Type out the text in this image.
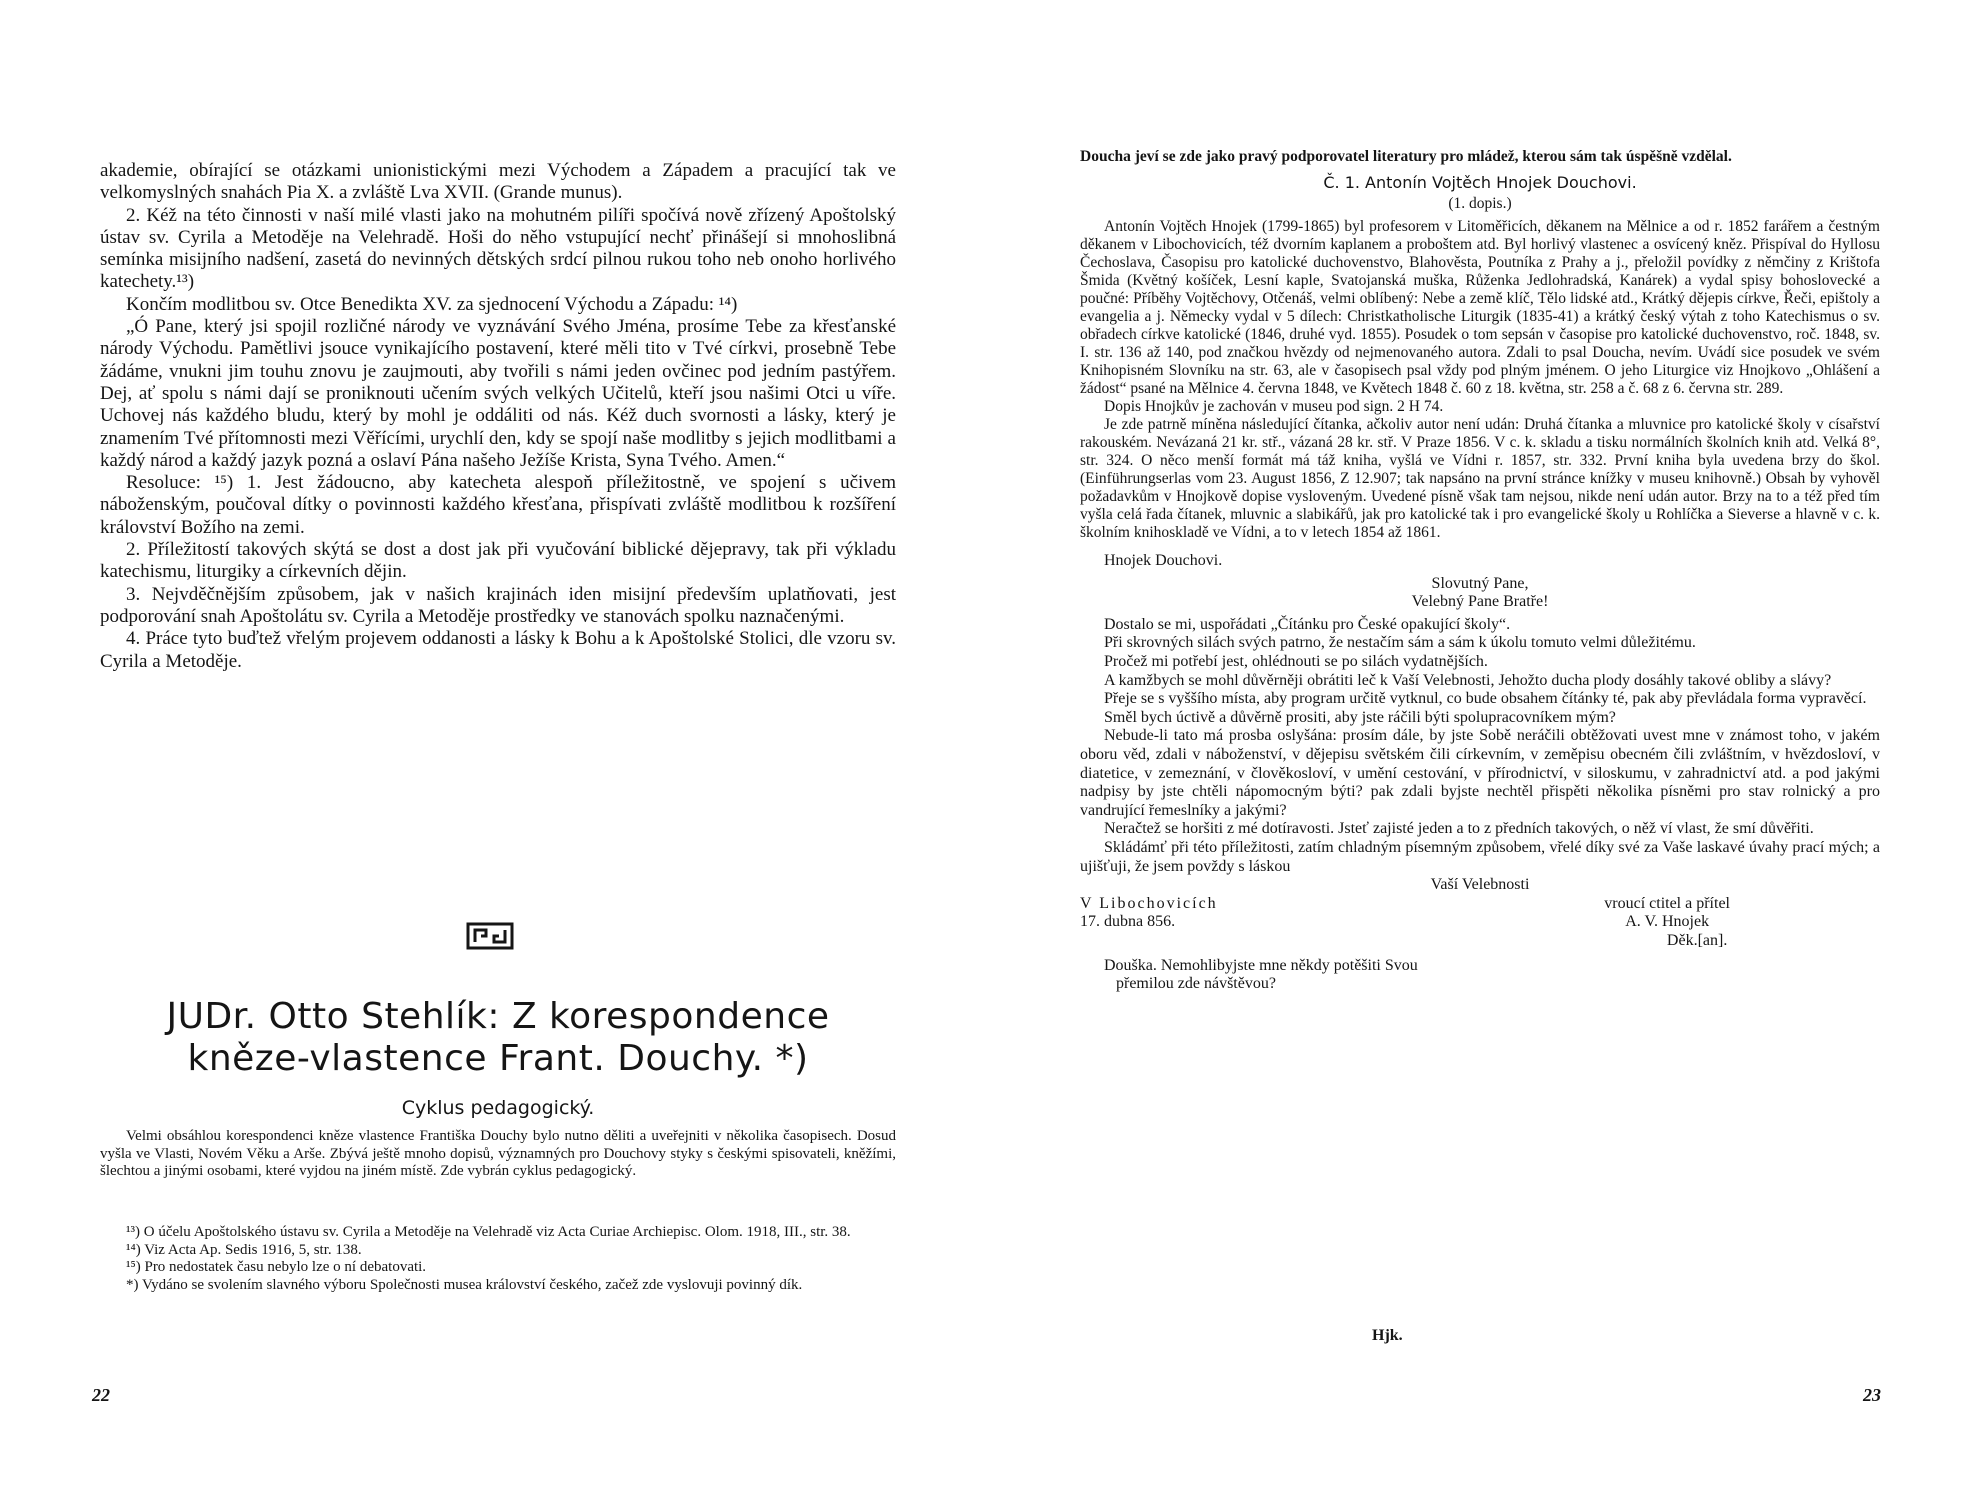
akademie, obírající se otázkami unionistickými mezi Východem a Západem a pracující tak ve velkomyslných snahách Pia X. a zvláště Lva XVII. (Grande munus).

2. Kéž na této činnosti v naší milé vlasti jako na mohutném pilíři spočívá nově zřízený Apoštolský ústav sv. Cyrila a Metoděje na Velehradě. Hoši do něho vstupující nechť přinášejí si mnohoslibná semínka misijního nadšení, zasetá do nevinných dětských srdcí pilnou rukou toho neb onoho horlivého katechety.¹³)

Končím modlitbou sv. Otce Benedikta XV. za sjednocení Východu a Západu: ¹⁴)

„Ó Pane, který jsi spojil rozličné národy ve vyznávání Svého Jména, prosíme Tebe za křesťanské národy Východu. Pamětlivi jsouce vynikajícího postavení, které měli tito v Tvé církvi, prosebně Tebe žádáme, vnukni jim touhu znovu je zaujmouti, aby tvořili s námi jeden ovčinec pod jedním pastýřem. Dej, ať spolu s námi dají se proniknouti učením svých velkých Učitelů, kteří jsou našimi Otci u víře. Uchovej nás každého bludu, který by mohl je oddáliti od nás. Kéž duch svornosti a lásky, který je znamením Tvé přítomnosti mezi Věřícími, urychlí den, kdy se spojí naše modlitby s jejich modlitbami a každý národ a každý jazyk pozná a oslaví Pána našeho Ježíše Krista, Syna Tvého. Amen.“

Resoluce: ¹⁵) 1. Jest žádoucno, aby katecheta alespoň příležitostně, ve spojení s učivem náboženským, poučoval dítky o povinnosti každého křesťana, přispívati zvláště modlitbou k rozšíření království Božího na zemi.

2. Příležitostí takových skýtá se dost a dost jak při vyučování biblické dějepravy, tak při výkladu katechismu, liturgiky a církevních dějin.

3. Nejvděčnějším způsobem, jak v našich krajinách iden misijní především uplatňovati, jest podporování snah Apoštolátu sv. Cyrila a Metoděje prostředky ve stanovách spolku naznačenými.

4. Práce tyto buďtež vřelým projevem oddanosti a lásky k Bohu a k Apoštolské Stolici, dle vzoru sv. Cyrila a Metoděje.

JUDr. Otto Stehlík: Z korespondence
kněze-vlastence Frant. Douchy. *)
Cyklus pedagogický.

Velmi obsáhlou korespondenci kněze vlastence Františka Douchy bylo nutno děliti a uveřejniti v několika časopisech. Dosud vyšla ve Vlasti, Novém Věku a Arše. Zbývá ještě mnoho dopisů, významných pro Douchovy styky s českými spisovateli, kněžími, šlechtou a jinými osobami, které vyjdou na jiném místě. Zde vybrán cyklus pedagogický.

¹³) O účelu Apoštolského ústavu sv. Cyrila a Metoděje na Velehradě viz Acta Curiae Archiepisc. Olom. 1918, III., str. 38.

¹⁴) Viz Acta Ap. Sedis 1916, 5, str. 138.

¹⁵) Pro nedostatek času nebylo lze o ní debatovati.

*) Vydáno se svolením slavného výboru Společnosti musea království českého, začež zde vyslovuji povinný dík.

22

Doucha jeví se zde jako pravý podporovatel literatury pro mládež, kterou sám tak úspěšně vzdělal.

Č. 1. Antonín Vojtěch Hnojek Douchovi.

(1. dopis.)

Antonín Vojtěch Hnojek (1799-1865) byl profesorem v Litoměřicích, děkanem na Mělnice a od r. 1852 farářem a čestným děkanem v Libochovicích, též dvorním kaplanem a proboštem atd. Byl horlivý vlastenec a osvícený kněz. Přispíval do Hyllosu Čechoslava, Časopisu pro katolické duchovenstvo, Blahověsta, Poutníka z Prahy a j., přeložil povídky z němčiny z Krištofa Šmida (Květný košíček, Lesní kaple, Svatojanská muška, Růženka Jedlohradská, Kanárek) a vydal spisy bohoslovecké a poučné: Příběhy Vojtěchovy, Otčenáš, velmi oblíbený: Nebe a země klíč, Tělo lidské atd., Krátký dějepis církve, Řeči, epištoly a evangelia a j. Německy vydal v 5 dílech: Christkatholische Liturgik (1835-41) a krátký český výtah z toho Katechismus o sv. obřadech církve katolické (1846, druhé vyd. 1855). Posudek o tom sepsán v časopise pro katolické duchovenstvo, roč. 1848, sv. I. str. 136 až 140, pod značkou hvězdy od nejmenovaného autora. Zdali to psal Doucha, nevím. Uvádí sice posudek ve svém Knihopisném Slovníku na str. 63, ale v časopisech psal vždy pod plným jménem. O jeho Liturgice viz Hnojkovo „Ohlášení a žádost“ psané na Mělnice 4. června 1848, ve Květech 1848 č. 60 z 18. května, str. 258 a č. 68 z 6. června str. 289.

Dopis Hnojkův je zachován v museu pod sign. 2 H 74.

Je zde patrně míněna následující čítanka, ačkoliv autor není udán: Druhá čítanka a mluvnice pro katolické školy v císařství rakouském. Nevázaná 21 kr. stř., vázaná 28 kr. stř. V Praze 1856. V c. k. skladu a tisku normálních školních knih atd. Velká 8°, str. 324. O něco menší formát má táž kniha, vyšlá ve Vídni r. 1857, str. 332. První kniha byla uvedena brzy do škol. (Einführungserlas vom 23. August 1856, Z 12.907; tak napsáno na první stránce knížky v museu knihovně.) Obsah by vyhověl požadavkům v Hnojkově dopise vysloveným. Uvedené písně však tam nejsou, nikde není udán autor. Brzy na to a též před tím vyšla celá řada čítanek, mluvnic a slabikářů, jak pro katolické tak i pro evangelické školy u Rohlíčka a Sieverse a hlavně v c. k. školním knihoskladě ve Vídni, a to v letech 1854 až 1861.

Hnojek Douchovi.

Slovutný Pane,

Velebný Pane Bratře!

Dostalo se mi, uspořádati „Čítánku pro České opakující školy“.

Při skrovných silách svých patrno, že nestačím sám a sám k úkolu tomuto velmi důležitému.

Pročež mi potřebí jest, ohlédnouti se po silách vydatnějších.

A kamžbych se mohl důvěrněji obrátiti leč k Vaší Velebnosti, Jehožto ducha plody dosáhly takové obliby a slávy?

Přeje se s vyššího místa, aby program určitě vytknul, co bude obsahem čítánky té, pak aby převládala forma vypravěcí.

Směl bych úctivě a důvěrně prositi, aby jste ráčili býti spolupracovníkem mým?

Nebude-li tato má prosba oslyšána: prosím dále, by jste Sobě neráčili obtěžovati uvest mne v známost toho, v jakém oboru věd, zdali v náboženství, v dějepisu světském čili církevním, v zeměpisu obecném čili zvláštním, v hvězdosloví, v diatetice, v zemeznání, v člověkosloví, v umění cestování, v přírodnictví, v siloskumu, v zahradnictví atd. a pod jakými nadpisy by jste chtěli nápomocným býti? pak zdali byjste nechtěl přispěti několika písněmi pro stav rolnický a pro vandrující řemeslníky a jakými?

Neračtež se horšiti z mé dotíravosti. Jsteť zajisté jeden a to z předních takových, o něž ví vlast, že smí důvěřiti.

Skládámť při této příležitosti, zatím chladným písemným způsobem, vřelé díky své za Vaše laskavé úvahy prací mých; a ujišťuji, že jsem povždy s láskou

Vaší Velebnosti

V Libochovicích
17. dubna 856.
vroucí ctitel a přítel
A. V. Hnojek
Děk.[an].

Douška. Nemohlibyjste mne někdy potěšiti Svou

přemilou zde návštěvou?

Hjk.
23
